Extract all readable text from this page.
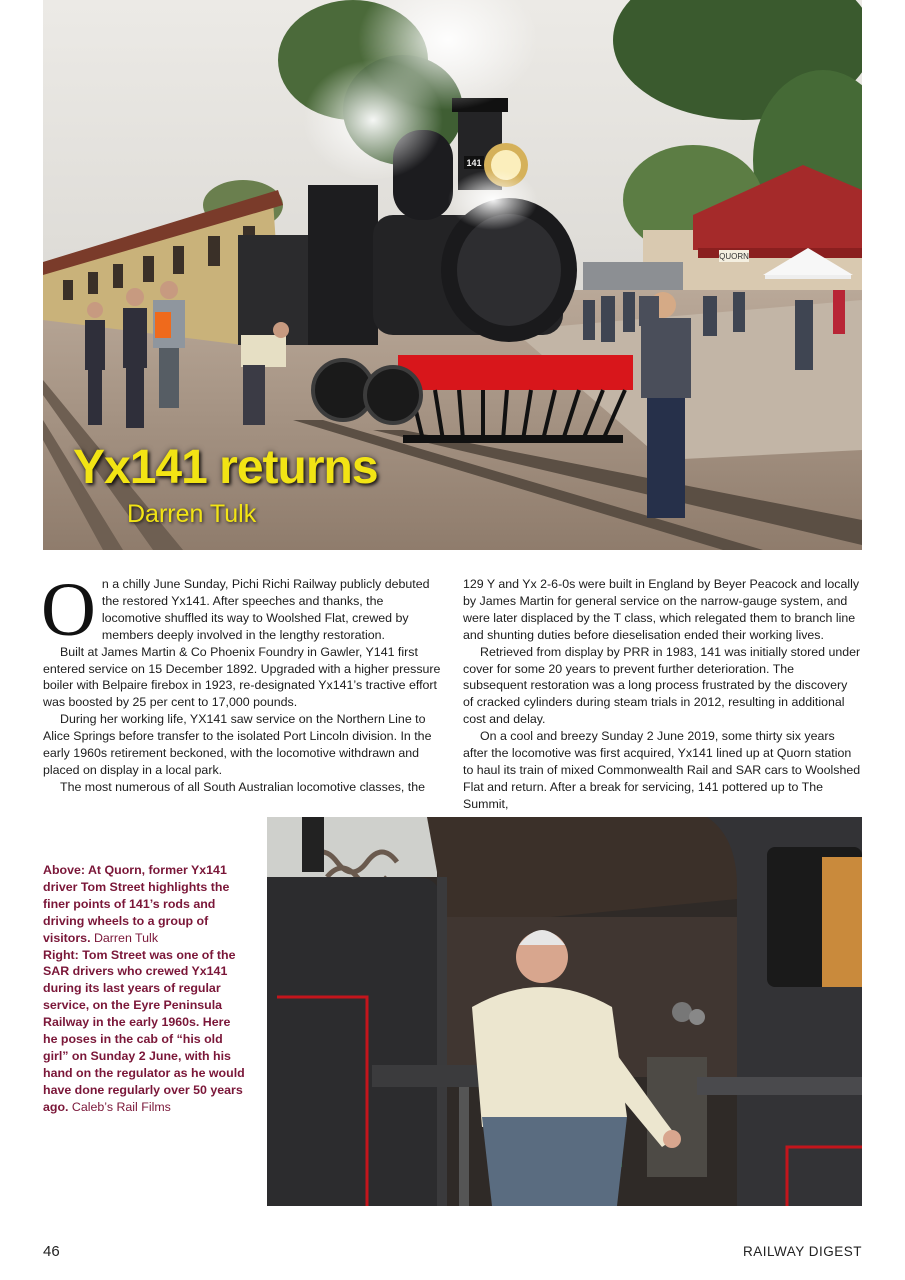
QUORN
141
Yx141 returns

Darren Tulk

On a chilly June Sunday, Pichi Richi Railway publicly debuted the restored Yx141. After speeches and thanks, the locomotive shuffled its way to Woolshed Flat, crewed by members deeply involved in the lengthy restoration.

Built at James Martin & Co Phoenix Foundry in Gawler, Y141 first entered service on 15 December 1892. Upgraded with a higher pressure boiler with Belpaire firebox in 1923, re-designated Yx141’s tractive effort was boosted by 25 per cent to 17,000 pounds.

During her working life, YX141 saw service on the Northern Line to Alice Springs before transfer to the isolated Port Lincoln division. In the early 1960s retirement beckoned, with the locomotive withdrawn and placed on display in a local park.

The most numerous of all South Australian locomotive classes, the

129 Y and Yx 2-6-0s were built in England by Beyer Peacock and locally by James Martin for general service on the narrow-gauge system, and were later displaced by the T class, which relegated them to branch line and shunting duties before dieselisation ended their working lives.

Retrieved from display by PRR in 1983, 141 was initially stored under cover for some 20 years to prevent further deterioration. The subsequent restoration was a long process frustrated by the discovery of cracked cylinders during steam trials in 2012, resulting in additional cost and delay.

On a cool and breezy Sunday 2 June 2019, some thirty six years after the locomotive was first acquired, Yx141 lined up at Quorn station to haul its train of mixed Commonwealth Rail and SAR cars to Woolshed Flat and return. After a break for servicing, 141 pottered up to The Summit,

Above: At Quorn, former Yx141 driver Tom Street highlights the finer points of 141’s rods and driving wheels to a group of visitors. Darren Tulk
Right: Tom Street was one of the SAR drivers who crewed Yx141 during its last years of regular service, on the Eyre Peninsula Railway in the early 1960s. Here he poses in the cab of “his old girl” on Sunday 2 June, with his hand on the regulator as he would have done regularly over 50 years ago. Caleb’s Rail Films
46	RAILWAY DIGEST
